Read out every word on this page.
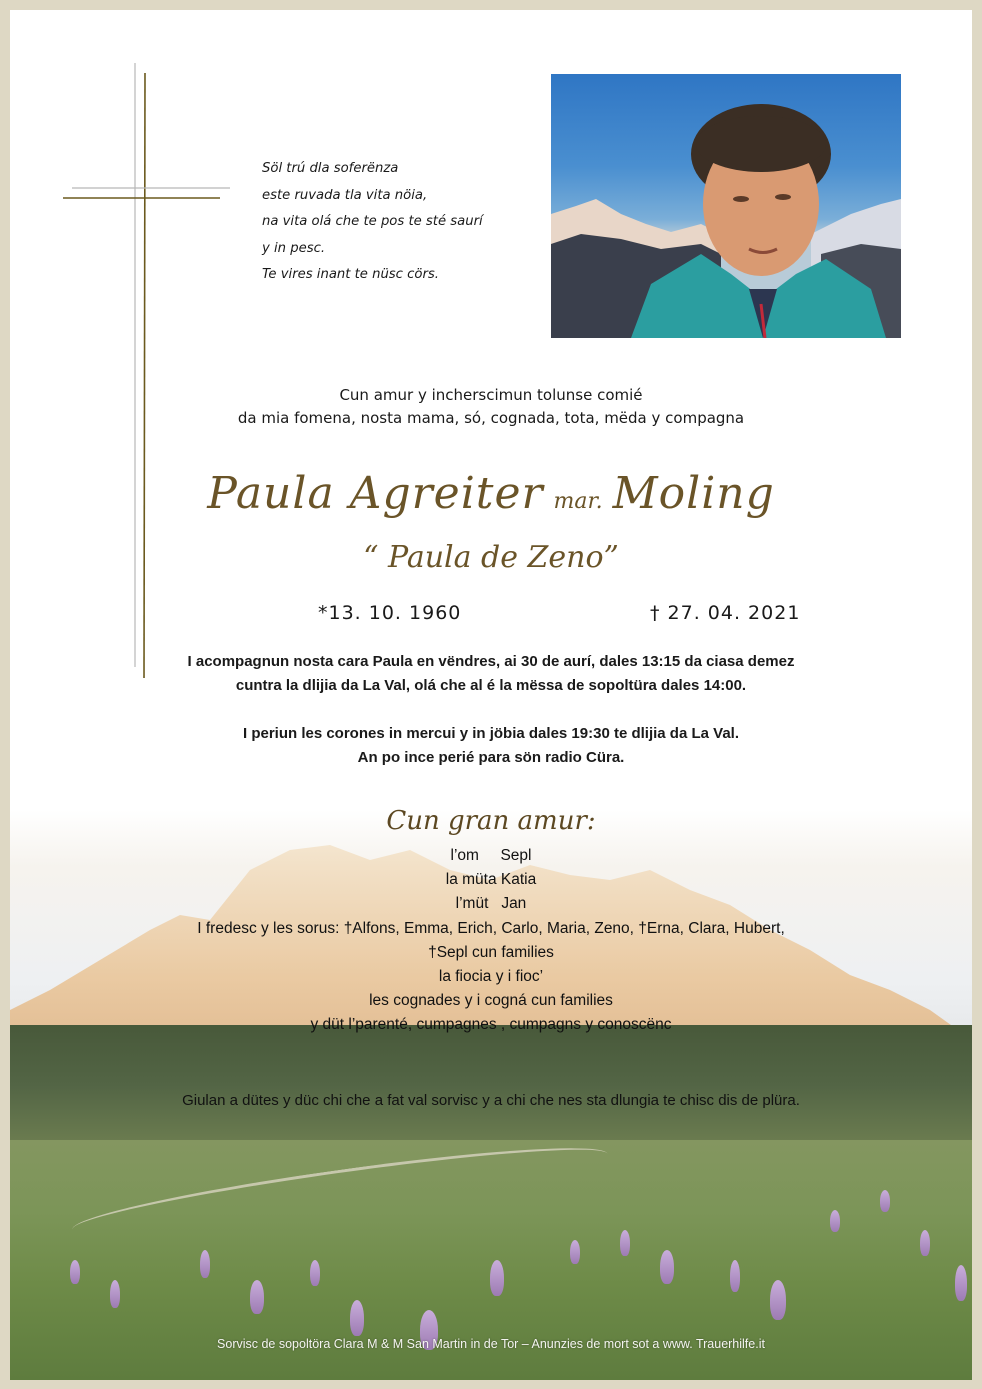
Söl trú dla soferënza
este ruvada tla vita nöia,
na vita olá che te pos te sté saurí
y in pesc.
Te vires inant te nüsc cörs.
Cun amur y incherscimun tolunse comié
da mia fomena, nosta mama, só, cognada, tota, mëda y compagna
Paula Agreiter mar. Moling
“ Paula de Zeno”
*13. 10. 1960	† 27. 04. 2021
I acompagnun nosta cara Paula en vëndres, ai 30 de aurí, dales 13:15 da ciasa demez
cuntra la dlijia da La Val, olá che al é la mëssa de sopoltüra dales 14:00.
I periun les corones in mercui y in jöbia dales 19:30 te dlijia da La Val.
An po ince perié para sön radio Cüra.
Cun gran amur:
l’om     Sepl
la müta Katia
l’müt   Jan
I fredesc y les sorus: †Alfons, Emma, Erich, Carlo, Maria, Zeno, †Erna, Clara, Hubert,
†Sepl cun families
la fiocia y i fioc’
les cognades y i cogná cun families
y düt l’parenté, cumpagnes , cumpagns y conoscënc
Giulan a dütes y düc chi che a fat val sorvisc y a chi che nes sta dlungia te chisc dis de plüra.
Sorvisc de sopoltöra Clara M & M San Martin in de Tor – Anunzies de mort sot a www. Trauerhilfe.it
